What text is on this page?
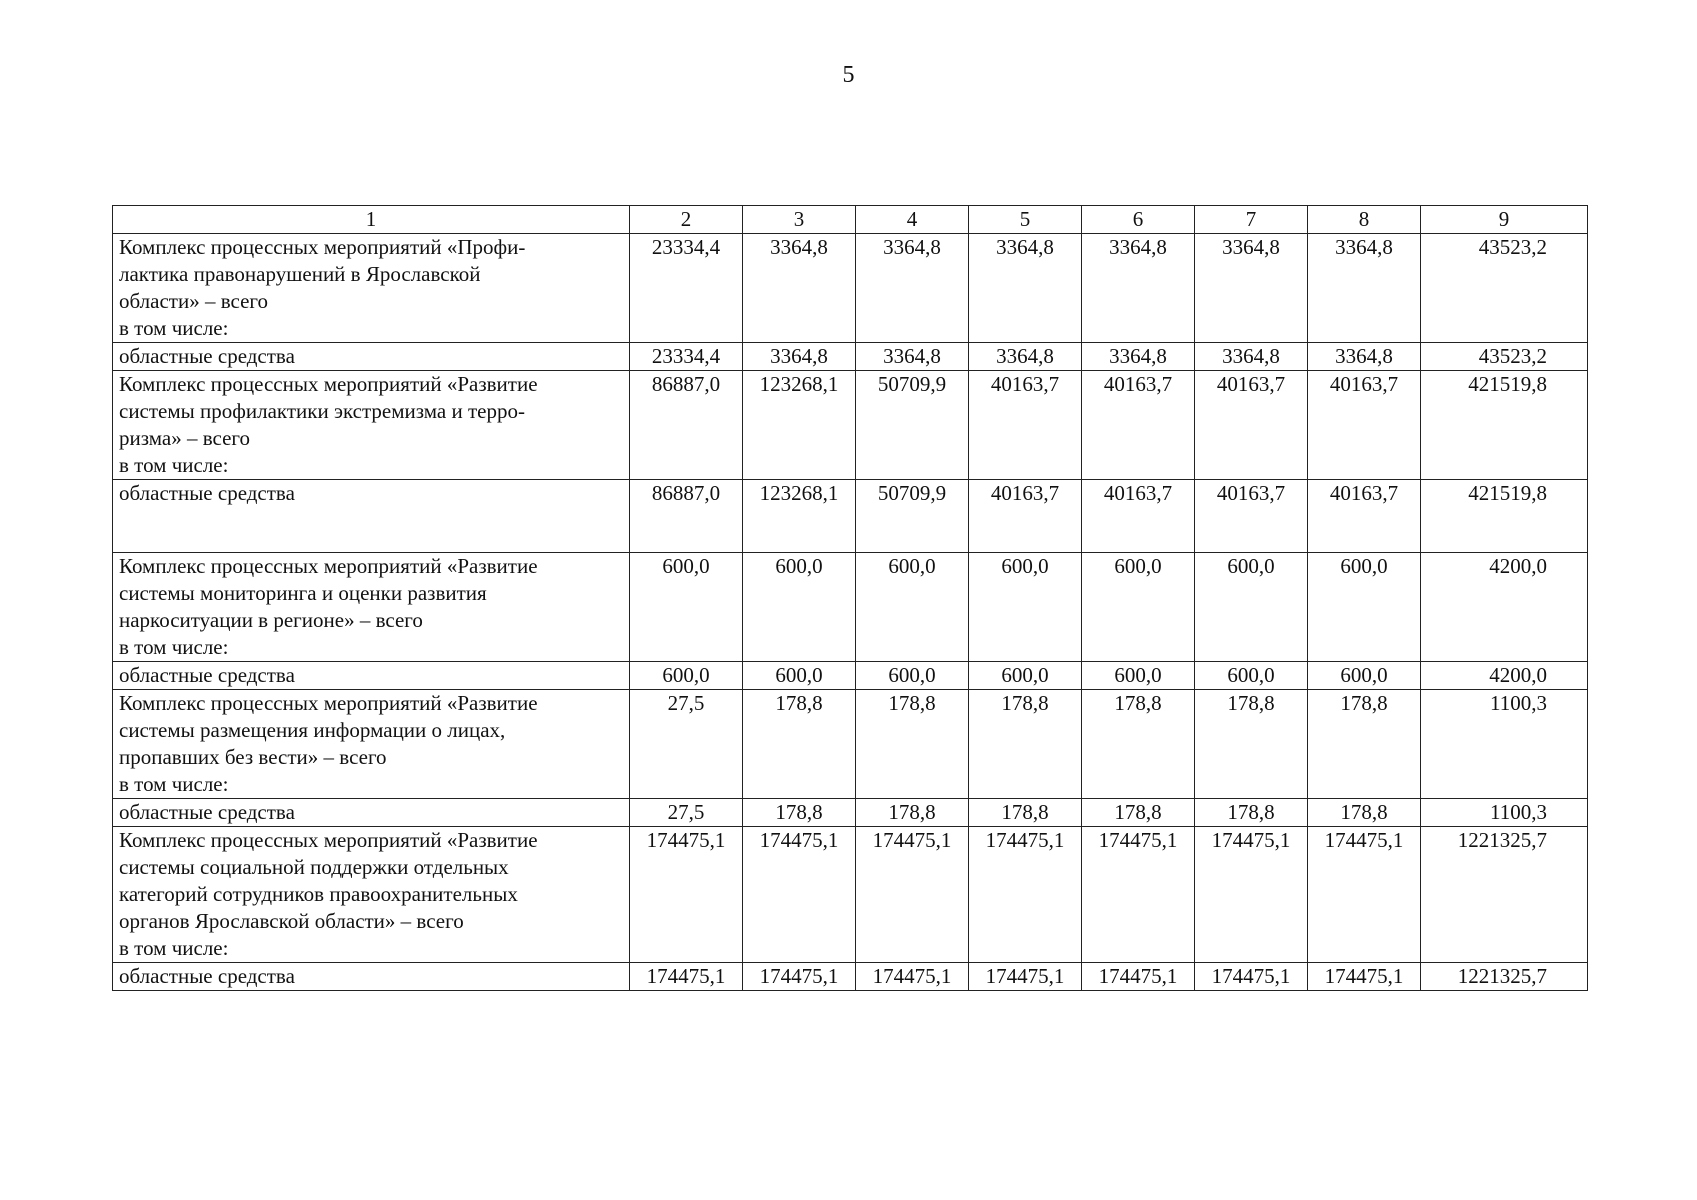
5
1	2	3	4	5	6	7	8	9

Комплекс процессных мероприятий «Профи-
лактика правонарушений в Ярославской
области» – всего
в том числе:	23334,4	3364,8	3364,8	3364,8	3364,8	3364,8	3364,8	43523,2

областные средства	23334,4	3364,8	3364,8	3364,8	3364,8	3364,8	3364,8	43523,2

Комплекс процессных мероприятий «Развитие
системы профилактики экстремизма и терро-
ризма» – всего
в том числе:	86887,0	123268,1	50709,9	40163,7	40163,7	40163,7	40163,7	421519,8

областные средства	86887,0	123268,1	50709,9	40163,7	40163,7	40163,7	40163,7	421519,8

Комплекс процессных мероприятий «Развитие
системы мониторинга и оценки развития
наркоситуации в регионе» – всего
в том числе:	600,0	600,0	600,0	600,0	600,0	600,0	600,0	4200,0

областные средства	600,0	600,0	600,0	600,0	600,0	600,0	600,0	4200,0

Комплекс процессных мероприятий «Развитие
системы размещения информации о лицах,
пропавших без вести» – всего
в том числе:	27,5	178,8	178,8	178,8	178,8	178,8	178,8	1100,3

областные средства	27,5	178,8	178,8	178,8	178,8	178,8	178,8	1100,3

Комплекс процессных мероприятий «Развитие
системы социальной поддержки отдельных
категорий сотрудников правоохранительных
органов Ярославской области» – всего
в том числе:	174475,1	174475,1	174475,1	174475,1	174475,1	174475,1	174475,1	1221325,7

областные средства	174475,1	174475,1	174475,1	174475,1	174475,1	174475,1	174475,1	1221325,7
